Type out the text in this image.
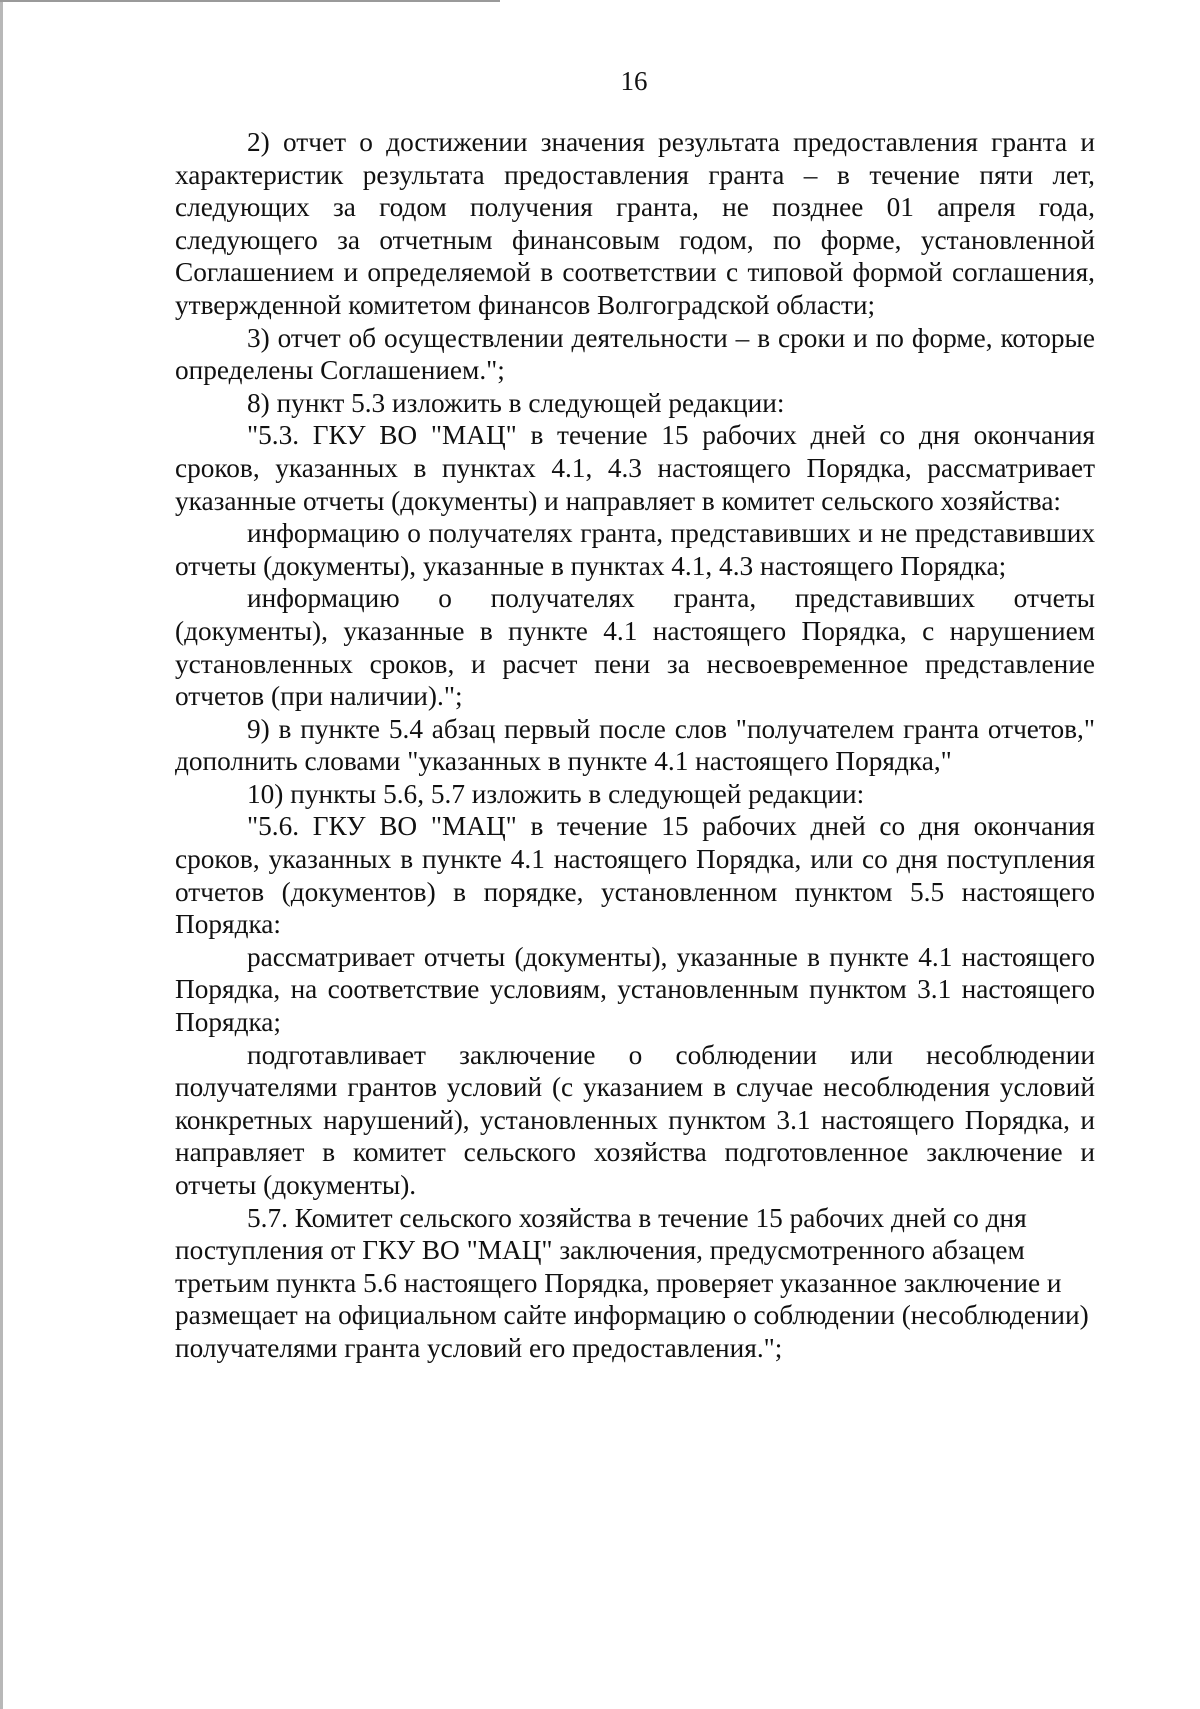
16

2) отчет о достижении значения результата предоставления гранта и характеристик результата предоставления гранта – в течение пяти лет, следующих за годом получения гранта, не позднее 01 апреля года, следующего за отчетным финансовым годом, по форме, установленной Соглашением и определяемой в соответствии с типовой формой соглашения, утвержденной комитетом финансов Волгоградской области;

3) отчет об осуществлении деятельности – в сроки и по форме, которые определены Соглашением.";

8) пункт 5.3 изложить в следующей редакции:

"5.3. ГКУ ВО "МАЦ" в течение 15 рабочих дней со дня окончания сроков, указанных в пунктах 4.1, 4.3 настоящего Порядка, рассматривает указанные отчеты (документы) и направляет в комитет сельского хозяйства:

информацию о получателях гранта, представивших и не представивших отчеты (документы), указанные в пунктах 4.1, 4.3 настоящего Порядка;

информацию о получателях гранта, представивших отчеты (документы), указанные в пункте 4.1 настоящего Порядка, с нарушением установленных сроков, и расчет пени за несвоевременное представление отчетов (при наличии).";

9) в пункте 5.4 абзац первый после слов "получателем гранта отчетов," дополнить словами "указанных в пункте 4.1 настоящего Порядка,"

10) пункты 5.6, 5.7 изложить в следующей редакции:

"5.6. ГКУ ВО "МАЦ" в течение 15 рабочих дней со дня окончания сроков, указанных в пункте 4.1 настоящего Порядка, или со дня поступления отчетов (документов) в порядке, установленном пунктом 5.5 настоящего Порядка:

рассматривает отчеты (документы), указанные в пункте 4.1 настоящего Порядка, на соответствие условиям, установленным пунктом 3.1 настоящего Порядка;

подготавливает заключение о соблюдении или несоблюдении получателями грантов условий (с указанием в случае несоблюдения условий конкретных нарушений), установленных пунктом 3.1 настоящего Порядка, и направляет в комитет сельского хозяйства подготовленное заключение и отчеты (документы).

5.7. Комитет сельского хозяйства в течение 15 рабочих дней со дня поступления от ГКУ ВО "МАЦ" заключения, предусмотренного абзацем третьим пункта 5.6 настоящего Порядка, проверяет указанное заключение и размещает на официальном сайте информацию о соблюдении (несоблюдении) получателями гранта условий его предоставления.";
